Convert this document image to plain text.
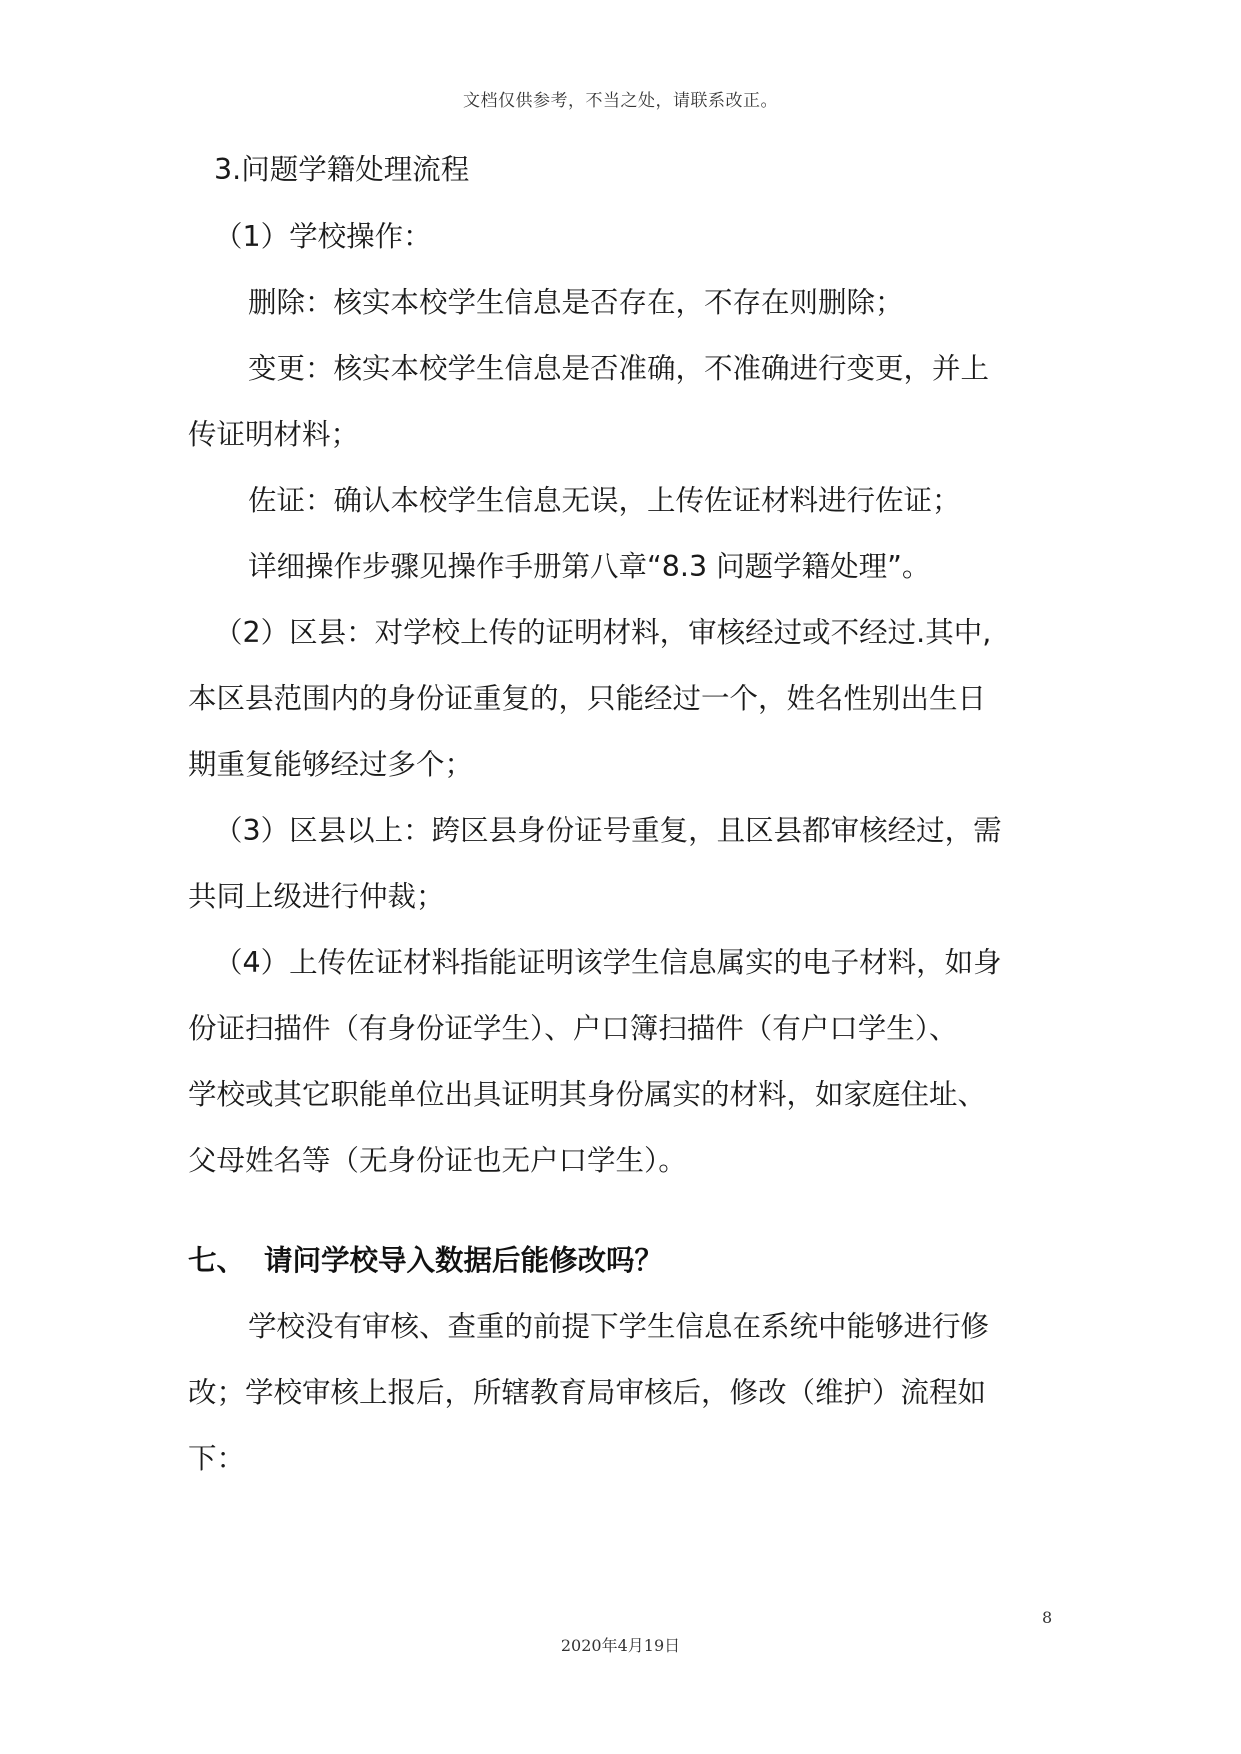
文档仅供参考，不当之处，请联系改正。
3.问题学籍处理流程
（1）学校操作：
删除：核实本校学生信息是否存在，不存在则删除；
变更：核实本校学生信息是否准确，不准确进行变更，并上
传证明材料；
佐证：确认本校学生信息无误，上传佐证材料进行佐证；
详细操作步骤见操作手册第八章“8.3 问题学籍处理”。
（2）区县：对学校上传的证明材料，审核经过或不经过.其中,
本区县范围内的身份证重复的，只能经过一个，姓名性别出生日
期重复能够经过多个；
（3）区县以上：跨区县身份证号重复，且区县都审核经过，需
共同上级进行仲裁；
（4）上传佐证材料指能证明该学生信息属实的电子材料，如身
份证扫描件（有身份证学生）、户口簿扫描件（有户口学生）、
学校或其它职能单位出具证明其身份属实的材料，如家庭住址、
父母姓名等（无身份证也无户口学生）。
七、 请问学校导入数据后能修改吗？
学校没有审核、查重的前提下学生信息在系统中能够进行修
改；学校审核上报后，所辖教育局审核后，修改（维护）流程如
下：
8
2020年4月19日
